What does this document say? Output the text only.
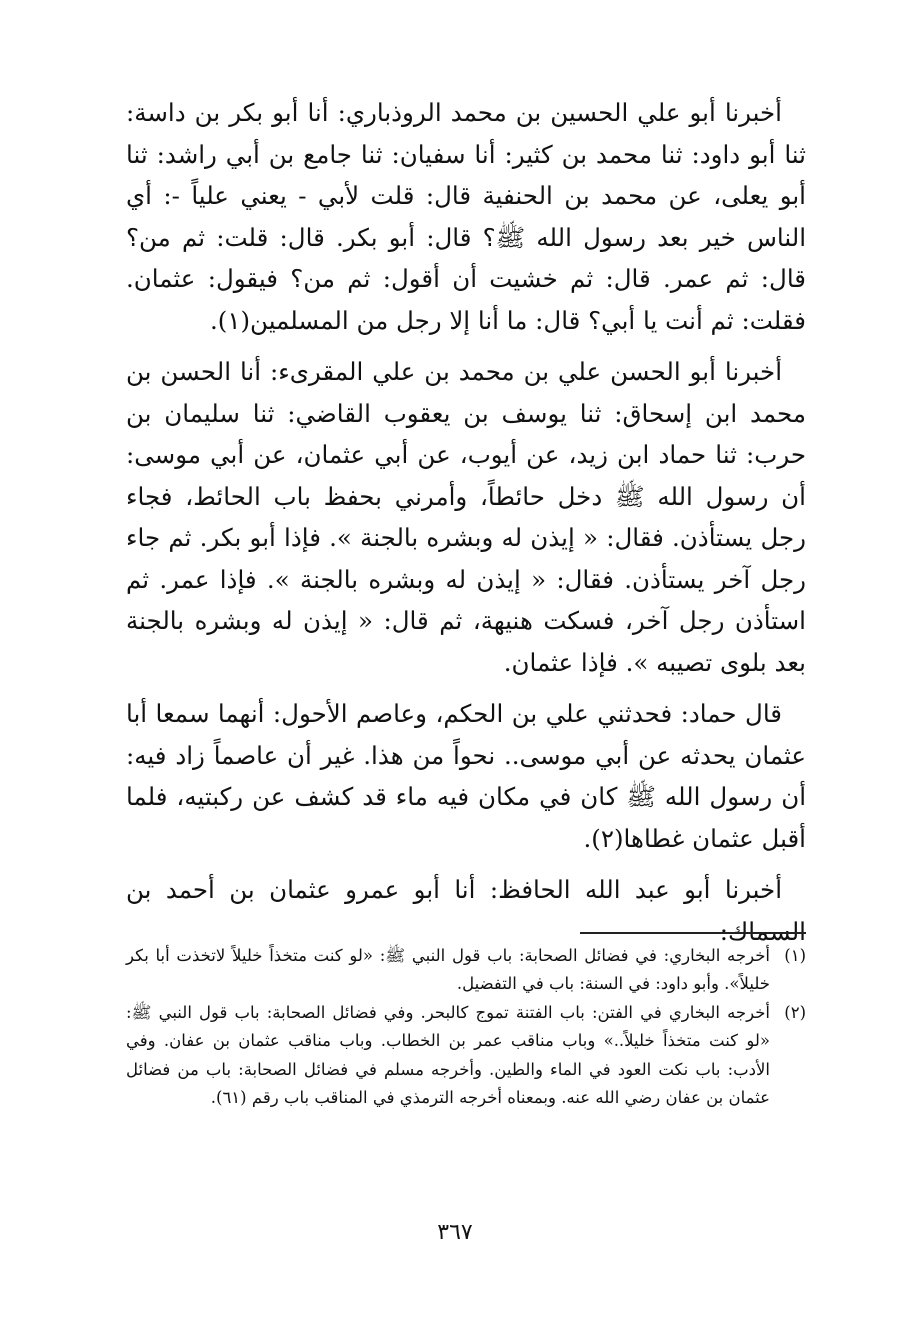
أخبرنا أبو علي الحسين بن محمد الروذباري: أنا أبو بكر بن داسة: ثنا أبو داود: ثنا محمد بن كثير: أنا سفيان: ثنا جامع بن أبي راشد: ثنا أبو يعلى، عن محمد بن الحنفية قال: قلت لأبي - يعني علياً -: أي الناس خير بعد رسول الله ﷺ؟ قال: أبو بكر. قال: قلت: ثم من؟ قال: ثم عمر. قال: ثم خشيت أن أقول: ثم من؟ فيقول: عثمان. فقلت: ثم أنت يا أبي؟ قال: ما أنا إلا رجل من المسلمين(١).

أخبرنا أبو الحسن علي بن محمد بن علي المقرىء: أنا الحسن بن محمد ابن إسحاق: ثنا يوسف بن يعقوب القاضي: ثنا سليمان بن حرب: ثنا حماد ابن زيد، عن أيوب، عن أبي عثمان، عن أبي موسى: أن رسول الله ﷺ دخل حائطاً، وأمرني بحفظ باب الحائط، فجاء رجل يستأذن. فقال: « إيذن له وبشره بالجنة ». فإذا أبو بكر. ثم جاء رجل آخر يستأذن. فقال: « إيذن له وبشره بالجنة ». فإذا عمر. ثم استأذن رجل آخر، فسكت هنيهة، ثم قال: « إيذن له وبشره بالجنة بعد بلوى تصيبه ». فإذا عثمان.

قال حماد: فحدثني علي بن الحكم، وعاصم الأحول: أنهما سمعا أبا عثمان يحدثه عن أبي موسى.. نحواً من هذا. غير أن عاصماً زاد فيه: أن رسول الله ﷺ كان في مكان فيه ماء قد كشف عن ركبتيه، فلما أقبل عثمان غطاها(٢).

أخبرنا أبو عبد الله الحافظ: أنا أبو عمرو عثمان بن أحمد بن السماك:

(١)
أخرجه البخاري: في فضائل الصحابة: باب قول النبي ﷺ: «لو كنت متخذاً خليلاً لاتخذت أبا بكر خليلاً». وأبو داود: في السنة: باب في التفضيل.
(٢)
أخرجه البخاري في الفتن: باب الفتنة تموج كالبحر. وفي فضائل الصحابة: باب قول النبي ﷺ: «لو كنت متخذاً خليلاً..» وباب مناقب عمر بن الخطاب. وباب مناقب عثمان بن عفان. وفي الأدب: باب نكت العود في الماء والطين. وأخرجه مسلم في فضائل الصحابة: باب من فضائل عثمان بن عفان رضي الله عنه. وبمعناه أخرجه الترمذي في المناقب باب رقم (٦١).
٣٦٧
